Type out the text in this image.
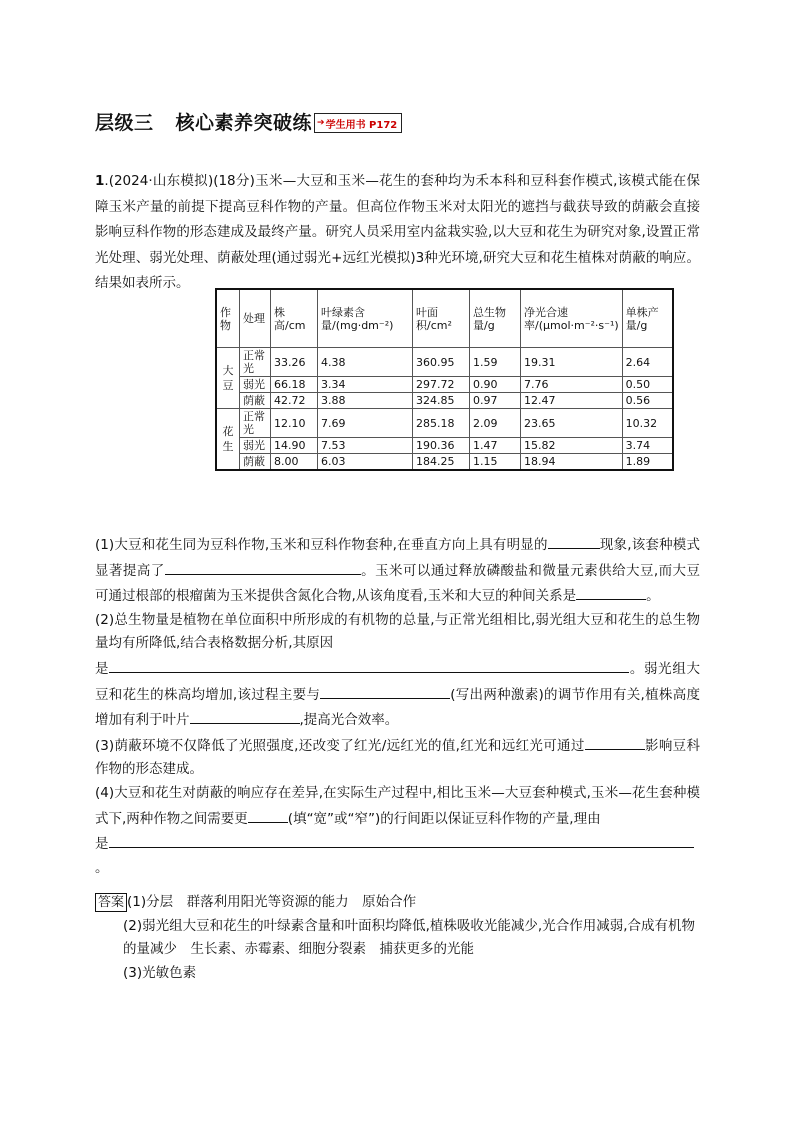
层级三 核心素养突破练 ➔ 学生用书 P172
1.(2024·山东模拟)(18分)玉米—大豆和玉米—花生的套种均为禾本科和豆科套作模式,该模式能在保障玉米产量的前提下提高豆科作物的产量。但高位作物玉米对太阳光的遮挡与截获导致的荫蔽会直接影响豆科作物的形态建成及最终产量。研究人员采用室内盆栽实验,以大豆和花生为研究对象,设置正常光处理、弱光处理、荫蔽处理(通过弱光+远红光模拟)3种光环境,研究大豆和花生植株对荫蔽的响应。结果如表所示。
作物	处理	株高/cm	叶绿素含量/(mg·dm⁻²)	叶面积/cm²	总生物量/g	净光合速率/(μmol·m⁻²·s⁻¹)	单株产量/g
大豆	正常光	33.26	4.38	360.95	1.59	19.31	2.64
	弱光	66.18	3.34	297.72	0.90	7.76	0.50
	荫蔽	42.72	3.88	324.85	0.97	12.47	0.56
花生	正常光	12.10	7.69	285.18	2.09	23.65	10.32
	弱光	14.90	7.53	190.36	1.47	15.82	3.74
	荫蔽	8.00	6.03	184.25	1.15	18.94	1.89
(1)大豆和花生同为豆科作物,玉米和豆科作物套种,在垂直方向上具有明显的	现象,该套种模式显著提高了	。玉米可以通过释放磷酸盐和微量元素供给大豆,而大豆可通过根部的根瘤菌为玉米提供含氮化合物,从该角度看,玉米和大豆的种间关系是	。
(2)总生物量是植物在单位面积中所形成的有机物的总量,与正常光组相比,弱光组大豆和花生的总生物量均有所降低,结合表格数据分析,其原因
是	。弱光组大豆和花生的株高均增加,该过程主要与	(写出两种激素)的调节作用有关,植株高度增加有利于叶片	,提高光合效率。
(3)荫蔽环境不仅降低了光照强度,还改变了红光/远红光的值,红光和远红光可通过	影响豆科作物的形态建成。
(4)大豆和花生对荫蔽的响应存在差异,在实际生产过程中,相比玉米—大豆套种模式,玉米—花生套种模式下,两种作物之间需要更	(填“宽”或“窄”)的行间距以保证豆科作物的产量,理由
是
。
答案 (1)分层　群落利用阳光等资源的能力　原始合作
(2)弱光组大豆和花生的叶绿素含量和叶面积均降低,植株吸收光能减少,光合作用减弱,合成有机物的量减少　生长素、赤霉素、细胞分裂素　捕获更多的光能
(3)光敏色素
